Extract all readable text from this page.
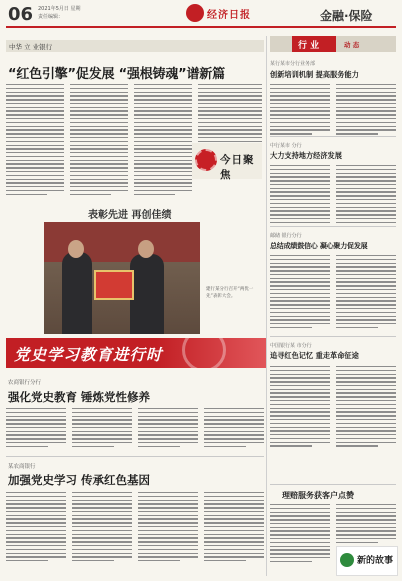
06 2021年5月日 星期
责任编辑：	经济日报	金融·保险
中华 立 业银行
“红色引擎”促发展 “强根铸魂”谱新篇
今日聚焦
表彰先进 再创佳绩
建行某分行召开“两优一先”表彰大会。
行 业	动 态
某行某市分行业务部
创新培训机制 提高服务能力
中行某市 分行
大力支持地方经济发展
邮储 银行分行
总结成绩鼓信心 凝心聚力促发展
党史学习教育进行时	中国银行某 市分行
追寻红色记忆 重走革命征途
农商银行分行
强化党史教育 锤炼党性修养
某农商银行
加强党史学习 传承红色基因
理赔服务获客户点赞
新的故事
